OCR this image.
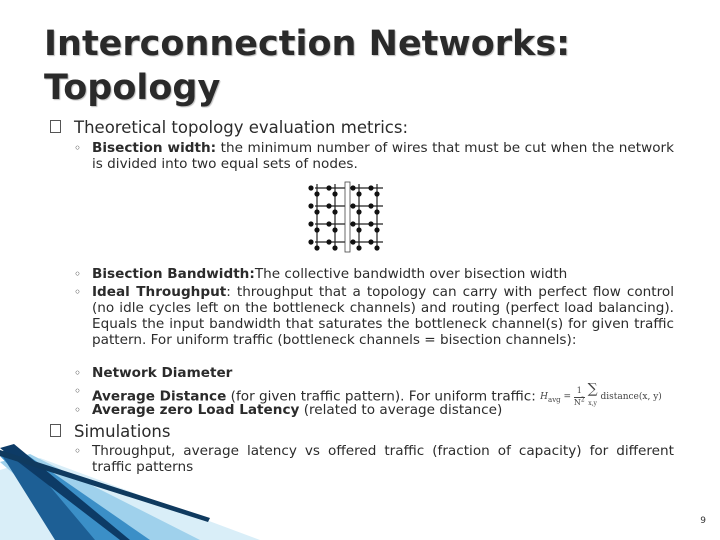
Interconnection Networks:
Topology
Theoretical topology evaluation metrics:
◦ Bisection width: the minimum number of wires that must be cut when the network is divided into two equal sets of nodes.
◦ Bisection Bandwidth:The collective bandwidth over bisection width
◦ Ideal Throughput: throughput that a topology can carry with perfect flow control (no idle cycles left on the bottleneck channels) and routing (perfect load balancing). Equals the input bandwidth that saturates the bottleneck channel(s) for given traffic pattern. For uniform traffic (bottleneck channels = bisection channels):
◦ Network Diameter
◦ Average Distance (for given traffic pattern). For uniform traffic: $H_{avg} = \frac{1}{N^2}$ ∑
x,y distance(x, y)
◦ Average zero Load Latency (related to average distance)
Simulations
◦ Throughput, average latency vs offered traffic (fraction of capacity) for different traffic patterns
9
